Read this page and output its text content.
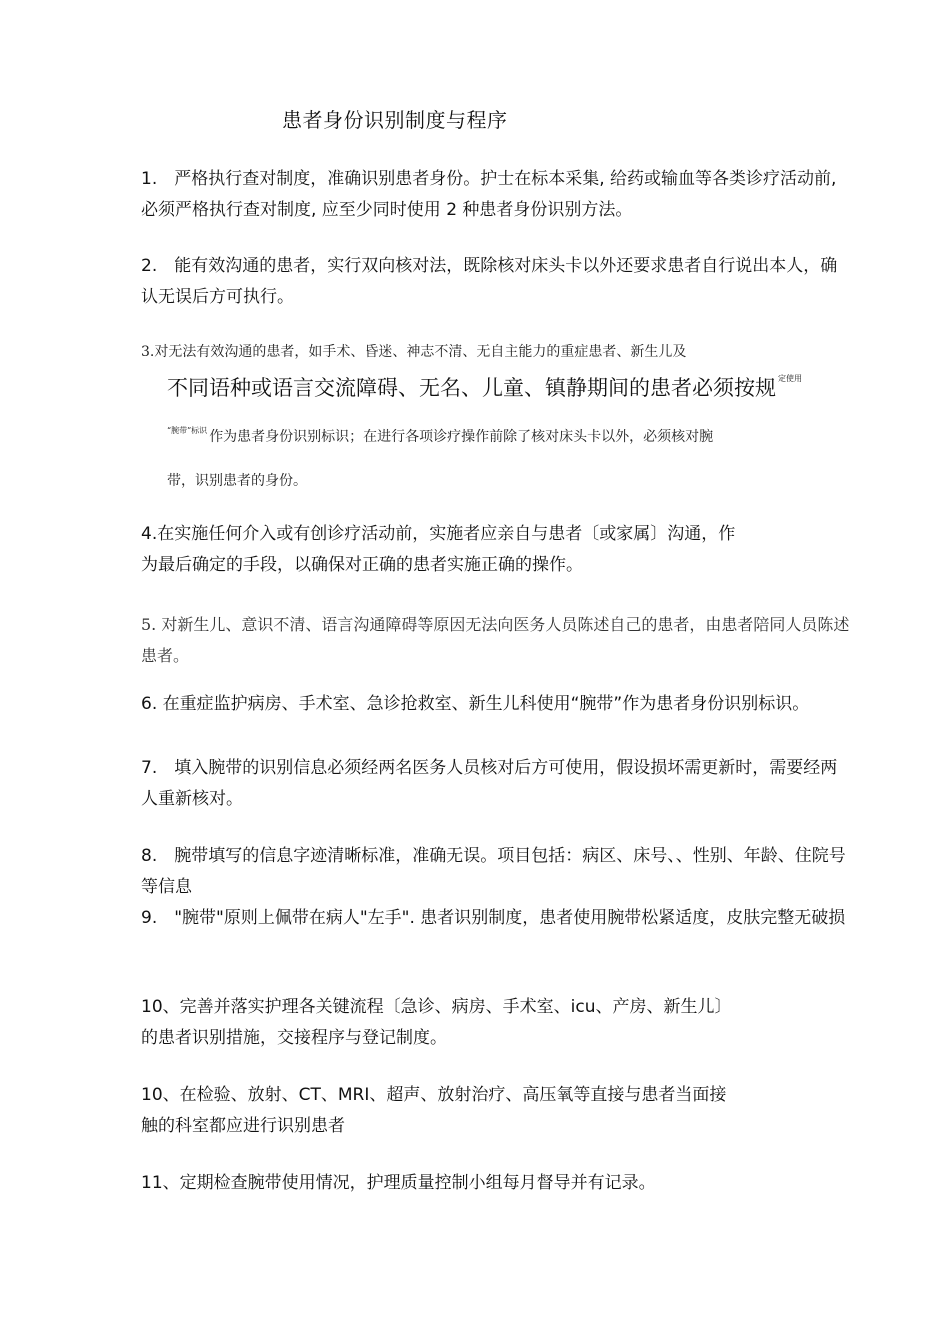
患者身份识别制度与程序
1.　严格执行查对制度，准确识别患者身份。护士在标本采集, 给药或输血等各类诊疗活动前, 必须严格执行查对制度, 应至少同时使用 2 种患者身份识别方法。
2.　能有效沟通的患者，实行双向核对法，既除核对床头卡以外还要求患者自行说出本人，确认无误后方可执行。
3.对无法有效沟通的患者，如手术、昏迷、神志不清、无自主能力的重症患者、新生儿及
不同语种或语言交流障碍、无名、儿童、镇静期间的患者必须按规 $^{定使用}$
$^{“腕带”标识}$ 作为患者身份识别标识；在进行各项诊疗操作前除了核对床头卡以外，必须核对腕
带，识别患者的身份。
4.在实施任何介入或有创诊疗活动前，实施者应亲自与患者〔或家属〕沟通，作
为最后确定的手段，以确保对正确的患者实施正确的操作。
5. 对新生儿、意识不清、语言沟通障碍等原因无法向医务人员陈述自己的患者，由患者陪同人员陈述患者。
6. 在重症监护病房、手术室、急诊抢救室、新生儿科使用“腕带”作为患者身份识别标识。
7.　填入腕带的识别信息必须经两名医务人员核对后方可使用，假设损坏需更新时，需要经两人重新核对。
8.　腕带填写的信息字迹清晰标准，准确无误。项目包括：病区、床号、、性别、年龄、住院号等信息
9.　"腕带"原则上佩带在病人"左手". 患者识别制度，患者使用腕带松紧适度，皮肤完整无破损
10、完善并落实护理各关键流程〔急诊、病房、手术室、icu、产房、新生儿〕
的患者识别措施，交接程序与登记制度。
10、在检验、放射、CT、MRI、超声、放射治疗、高压氧等直接与患者当面接
触的科室都应进行识别患者
11、定期检查腕带使用情况，护理质量控制小组每月督导并有记录。
